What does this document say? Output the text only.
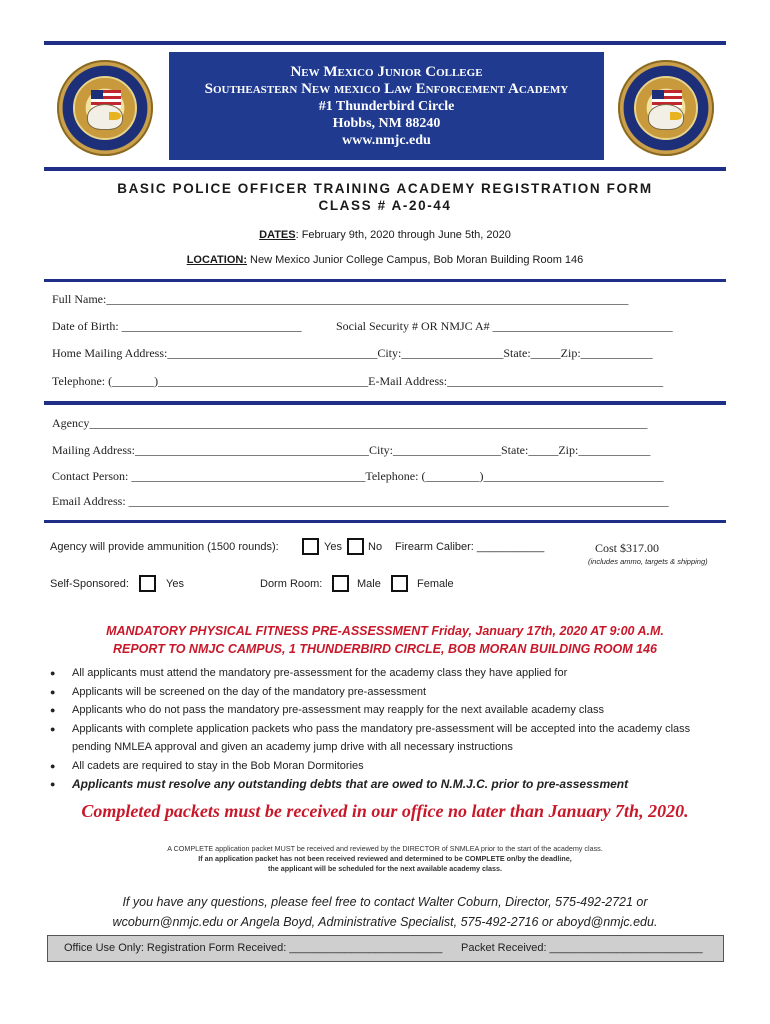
New Mexico Junior College
Southeastern New mexico Law Enforcement Academy
#1 Thunderbird Circle
Hobbs, NM 88240
www.nmjc.edu
BASIC POLICE OFFICER TRAINING ACADEMY REGISTRATION FORM
CLASS # A-20-44
DATES: February 9th, 2020 through June 5th, 2020
LOCATION: New Mexico Junior College Campus, Bob Moran Building Room 146
Full Name:_______________________________________________________________________________________
Date of Birth: ______________________________	Social Security # OR NMJC A# ______________________________
Home Mailing Address:___________________________________City:_________________State:_____Zip:____________
Telephone: (_______)___________________________________E-Mail Address:____________________________________
Agency_____________________________________________________________________________________________
Mailing Address:_______________________________________City:__________________State:_____Zip:____________
Contact Person: _______________________________________Telephone: (_________)______________________________
Email Address: __________________________________________________________________________________________
Agency will provide ammunition (1500 rounds):	Yes No Firearm Caliber: ___________	Cost $317.00
(includes ammo, targets & shipping)
Self-Sponsored:	Yes	Dorm Room:	Male	Female
MANDATORY PHYSICAL FITNESS PRE-ASSESSMENT Friday, January 17th, 2020 AT 9:00 A.M.
REPORT TO NMJC CAMPUS, 1 THUNDERBIRD CIRCLE, BOB MORAN BUILDING ROOM 146
● All applicants must attend the mandatory pre-assessment for the academy class they have applied for
● Applicants will be screened on the day of the mandatory pre-assessment
● Applicants who do not pass the mandatory pre-assessment may reapply for the next available academy class
● Applicants with complete application packets who pass the mandatory pre-assessment will be accepted into the academy class pending NMLEA approval and given an academy jump drive with all necessary instructions
● All cadets are required to stay in the Bob Moran Dormitories
● Applicants must resolve any outstanding debts that are owed to N.M.J.C. prior to pre-assessment
Completed packets must be received in our office no later than January 7th, 2020.
A COMPLETE application packet MUST be received and reviewed by the DIRECTOR of SNMLEA prior to the start of the academy class.
If an application packet has not been received reviewed and determined to be COMPLETE on/by the deadline,
the applicant will be scheduled for the next available academy class.
If you have any questions, please feel free to contact Walter Coburn, Director, 575-492-2721 or
wcoburn@nmjc.edu or Angela Boyd, Administrative Specialist, 575-492-2716 or aboyd@nmjc.edu.
Office Use Only: Registration Form Received: _________________________ Packet Received: _________________________
